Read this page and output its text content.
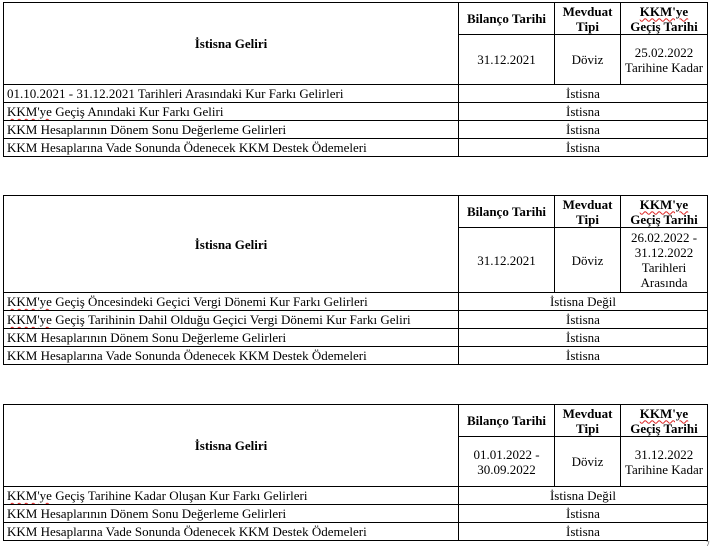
İstisna Geliri	Bilanço Tarihi	Mevduat Tipi	KKM'ye
Geçiş Tarihi
	31.12.2021	Döviz	25.02.2022 Tarihine Kadar
01.10.2021 - 31.12.2021 Tarihleri Arasındaki Kur Farkı Gelirleri	İstisna		
KKM'ye Geçiş Anındaki Kur Farkı Geliri	İstisna		
KKM Hesaplarının Dönem Sonu Değerleme Gelirleri	İstisna		
KKM Hesaplarına Vade Sonunda Ödenecek KKM Destek Ödemeleri	İstisna		
İstisna Geliri	Bilanço Tarihi	Mevduat Tipi	KKM'ye
Geçiş Tarihi
	31.12.2021	Döviz	26.02.2022 - 31.12.2022 Tarihleri Arasında
KKM'ye Geçiş Öncesindeki Geçici Vergi Dönemi Kur Farkı Gelirleri	İstisna Değil		
KKM'ye Geçiş Tarihinin Dahil Olduğu Geçici Vergi Dönemi Kur Farkı Geliri	İstisna		
KKM Hesaplarının Dönem Sonu Değerleme Gelirleri	İstisna		
KKM Hesaplarına Vade Sonunda Ödenecek KKM Destek Ödemeleri	İstisna		
İstisna Geliri	Bilanço Tarihi	Mevduat Tipi	KKM'ye
Geçiş Tarihi
	01.01.2022 - 30.09.2022	Döviz	31.12.2022 Tarihine Kadar
KKM'ye Geçiş Tarihine Kadar Oluşan Kur Farkı Gelirleri	İstisna Değil		
KKM Hesaplarının Dönem Sonu Değerleme Gelirleri	İstisna		
KKM Hesaplarına Vade Sonunda Ödenecek KKM Destek Ödemeleri	İstisna		
7
